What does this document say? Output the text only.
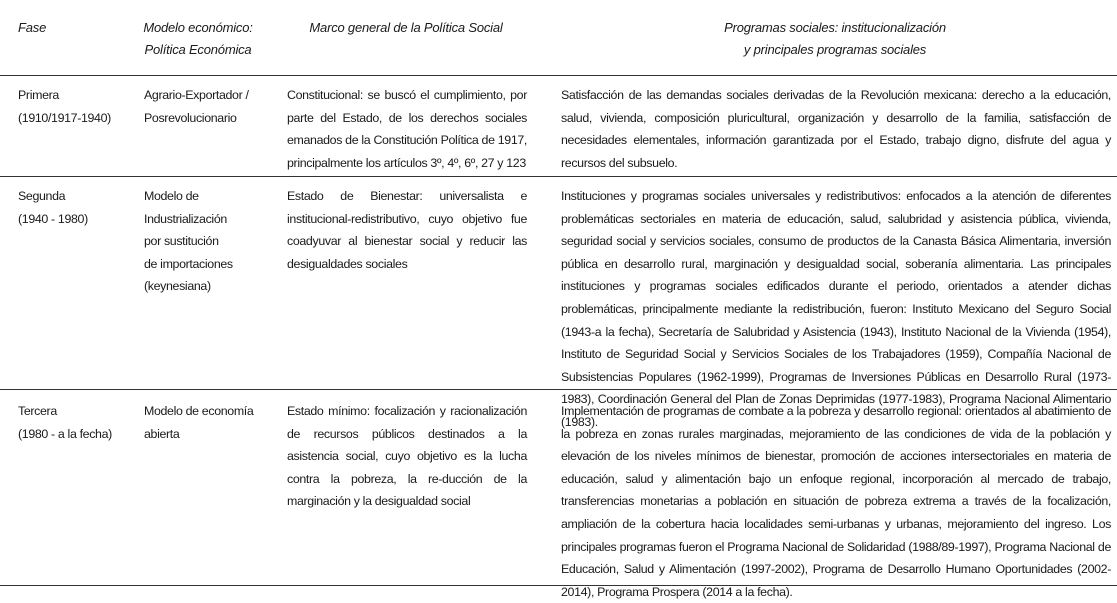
Fase	Modelo económico:
Política Económica
Marco general de la Política Social	Programas sociales: institucionalización
y principales programas sociales
Primera
(1910/1917-1940)
Agrario-Exportador /
Posrevolucionario
Constitucional: se buscó el cumplimiento, por parte del Estado, de los derechos sociales emanados de la Constitución Política de 1917, principalmente los artículos 3º, 4º, 6º, 27 y 123
Satisfacción de las demandas sociales derivadas de la Revolución mexicana: derecho a la educación, salud, vivienda, composición pluricultural, organización y desarrollo de la familia, satisfacción de necesidades elementales, información garantizada por el Estado, trabajo digno, disfrute del agua y recursos del subsuelo.
Segunda
(1940 - 1980)
Modelo de
Industrialización
por sustitución
de importaciones
(keynesiana)
Estado de Bienestar: universalista e institucional-redistributivo, cuyo objetivo fue coadyuvar al bienestar social y reducir las desigualdades sociales
Instituciones y programas sociales universales y redistributivos: enfocados a la atención de diferentes problemáticas sectoriales en materia de educación, salud, salubridad y asistencia pública, vivienda, seguridad social y servicios sociales, consumo de productos de la Canasta Básica Alimentaria, inversión pública en desarrollo rural, marginación y desigualdad social, soberanía alimentaria. Las principales instituciones y programas sociales edificados durante el periodo, orientados a atender dichas problemáticas, principalmente mediante la redistribución, fueron: Instituto Mexicano del Seguro Social (1943-a la fecha), Secretaría de Salubridad y Asistencia (1943), Instituto Nacional de la Vivienda (1954), Instituto de Seguridad Social y Servicios Sociales de los Trabajadores (1959), Compañía Nacional de Subsistencias Populares (1962-1999), Programas de Inversiones Públicas en Desarrollo Rural (1973-1983), Coordinación General del Plan de Zonas Deprimidas (1977-1983), Programa Nacional Alimentario (1983).
Tercera
(1980 - a la fecha)
Modelo de economía
abierta
Estado mínimo: focalización y racionalización de recursos públicos destinados a la asistencia social, cuyo objetivo es la lucha contra la pobreza, la re-ducción de la marginación y la desigualdad social
Implementación de programas de combate a la pobreza y desarrollo regional: orientados al abatimiento de la pobreza en zonas rurales marginadas, mejoramiento de las condiciones de vida de la población y elevación de los niveles mínimos de bienestar, promoción de acciones intersectoriales en materia de educación, salud y alimentación bajo un enfoque regional, incorporación al mercado de trabajo, transferencias monetarias a población en situación de pobreza extrema a través de la focalización, ampliación de la cobertura hacia localidades semi-urbanas y urbanas, mejoramiento del ingreso. Los principales programas fueron el Programa Nacional de Solidaridad (1988/89-1997), Programa Nacional de Educación, Salud y Alimentación (1997-2002), Programa de Desarrollo Humano Oportunidades (2002-2014), Programa Prospera (2014 a la fecha).
